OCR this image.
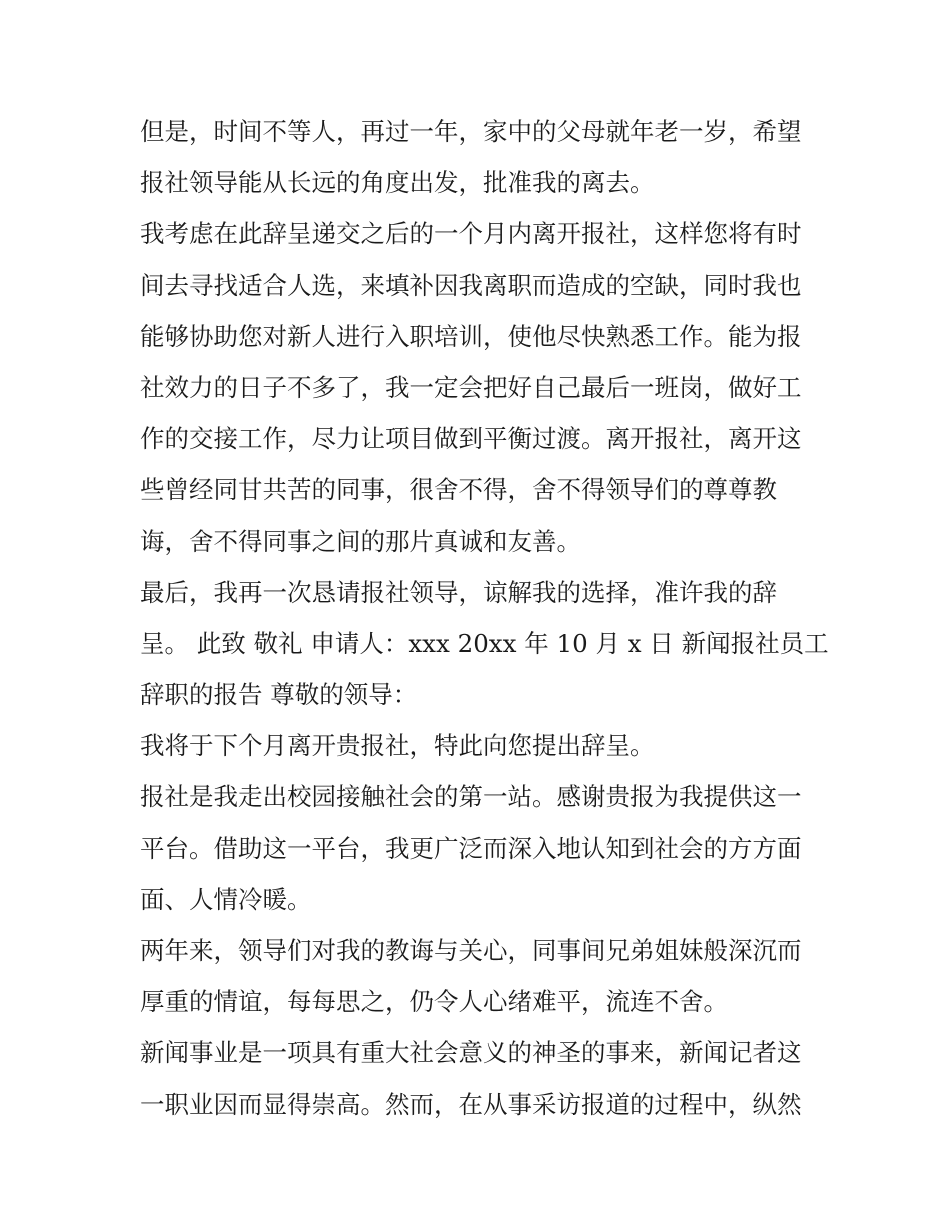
但是，时间不等人，再过一年，家中的父母就年老一岁，希望
报社领导能从长远的角度出发，批准我的离去。
我考虑在此辞呈递交之后的一个月内离开报社，这样您将有时
间去寻找适合人选，来填补因我离职而造成的空缺，同时我也
能够协助您对新人进行入职培训，使他尽快熟悉工作。能为报
社效力的日子不多了，我一定会把好自己最后一班岗，做好工
作的交接工作，尽力让项目做到平衡过渡。离开报社，离开这
些曾经同甘共苦的同事，很舍不得，舍不得领导们的尊尊教
诲，舍不得同事之间的那片真诚和友善。
最后，我再一次恳请报社领导，谅解我的选择，准许我的辞
呈。 此致 敬礼 申请人：xxx 20xx 年 10 月 x 日 新闻报社员工
辞职的报告 尊敬的领导：
我将于下个月离开贵报社，特此向您提出辞呈。
报社是我走出校园接触社会的第一站。感谢贵报为我提供这一
平台。借助这一平台，我更广泛而深入地认知到社会的方方面
面、人情冷暖。
两年来，领导们对我的教诲与关心，同事间兄弟姐妹般深沉而
厚重的情谊，每每思之，仍令人心绪难平，流连不舍。
新闻事业是一项具有重大社会意义的神圣的事来，新闻记者这
一职业因而显得崇高。然而，在从事采访报道的过程中，纵然
